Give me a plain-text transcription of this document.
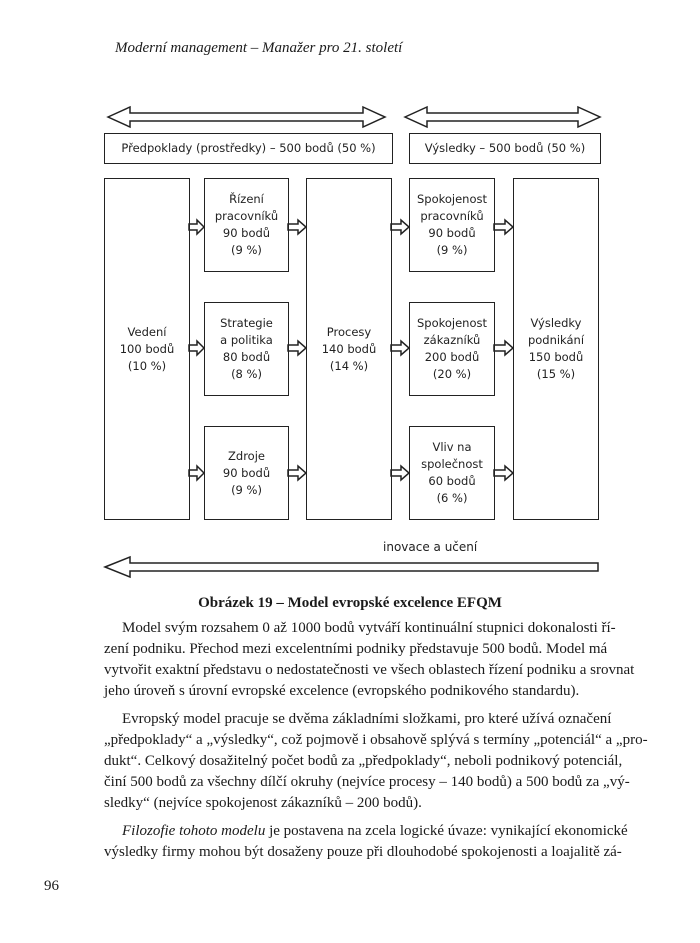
Moderní management – Manažer pro 21. století
Předpoklady (prostředky) – 500 bodů (50 %)	Výsledky – 500 bodů (50 %)
Vedení
100 bodů
(10 %)
Řízení
pracovníků
90 bodů
(9 %)
Strategie
a politika
80 bodů
(8 %)
Zdroje
90 bodů
(9 %)
Procesy
140 bodů
(14 %)
Spokojenost
pracovníků
90 bodů
(9 %)
Spokojenost
zákazníků
200 bodů
(20 %)
Vliv na
společnost
60 bodů
(6 %)
Výsledky
podnikání
150 bodů
(15 %)
inovace a učení
Obrázek 19 – Model evropské excelence EFQM
Model svým rozsahem 0 až 1000 bodů vytváří kontinuální stupnici dokonalosti ří-
zení podniku. Přechod mezi excelentními podniky představuje 500 bodů. Model má
vytvořit exaktní představu o nedostatečnosti ve všech oblastech řízení podniku a srovnat
jeho úroveň s úrovní evropské excelence (evropského podnikového standardu).
Evropský model pracuje se dvěma základními složkami, pro které užívá označení
„předpoklady“ a „výsledky“, což pojmově i obsahově splývá s termíny „potenciál“ a „pro-
dukt“. Celkový dosažitelný počet bodů za „předpoklady“, neboli podnikový potenciál,
činí 500 bodů za všechny dílčí okruhy (nejvíce procesy – 140 bodů) a 500 bodů za „vý-
sledky“ (nejvíce spokojenost zákazníků – 200 bodů).
Filozofie tohoto modelu je postavena na zcela logické úvaze: vynikající ekonomické
výsledky firmy mohou být dosaženy pouze při dlouhodobé spokojenosti a loajalitě zá-
96
